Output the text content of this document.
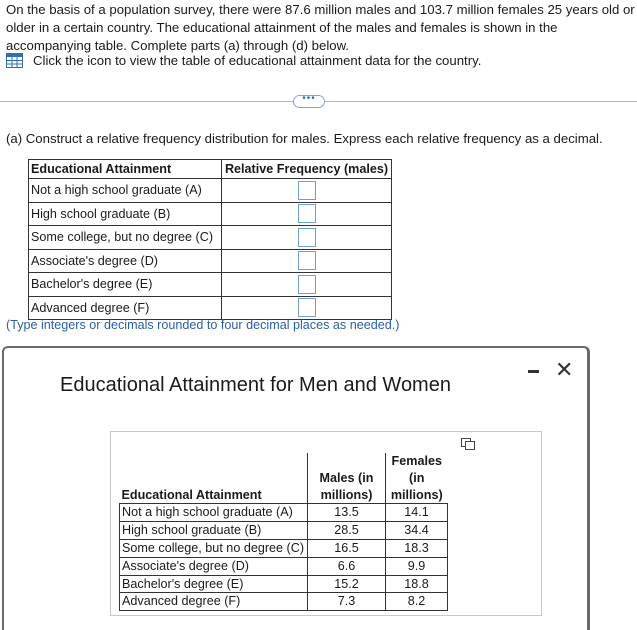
On the basis of a population survey, there were 87.6 million males and 103.7 million females 25 years old or older in a certain country. The educational attainment of the males and females is shown in the accompanying table. Complete parts (a) through (d) below.
Click the icon to view the table of educational attainment data for the country.
•••
(a) Construct a relative frequency distribution for males. Express each relative frequency as a decimal.
Educational Attainment	Relative Frequency (males)
Not a high school graduate (A)	
High school graduate (B)	
Some college, but no degree (C)	
Associate's degree (D)	
Bachelor's degree (E)	
Advanced degree (F)	
(Type integers or decimals rounded to four decimal places as needed.)
Educational Attainment for Men and Women
✕
Educational Attainment	Males (in millions)	Females (in millions)
Not a high school graduate (A)	13.5	14.1
High school graduate (B)	28.5	34.4
Some college, but no degree (C)	16.5	18.3
Associate's degree (D)	6.6	9.9
Bachelor's degree (E)	15.2	18.8
Advanced degree (F)	7.3	8.2
